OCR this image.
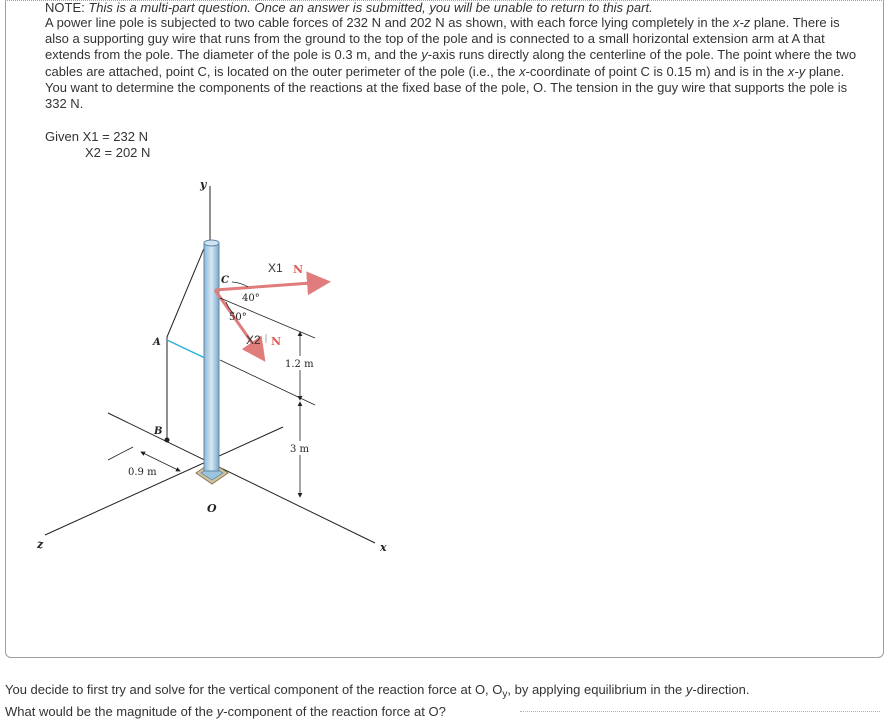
NOTE: This is a multi-part question. Once an answer is submitted, you will be unable to return to this part.
A power line pole is subjected to two cable forces of 232 N and 202 N as shown, with each force lying completely in the x-z plane. There is also a supporting guy wire that runs from the ground to the top of the pole and is connected to a small horizontal extension arm at A that extends from the pole. The diameter of the pole is 0.3 m, and the y-axis runs directly along the centerline of the pole. The point where the two cables are attached, point C, is located on the outer perimeter of the pole (i.e., the x-coordinate of point C is 0.15 m) and is in the x-y plane. You want to determine the components of the reactions at the fixed base of the pole, O. The tension in the guy wire that supports the pole is 332 N.
Given X1 = 232 N
X2 = 202 N
y
x
z
B
A
O
C
40°
50°
X1 N
X2 N
1.2 m
3 m
0.9 m
You decide to first try and solve for the vertical component of the reaction force at O, $O_y$, by applying equilibrium in the y-direction.
What would be the magnitude of the y-component of the reaction force at O?
